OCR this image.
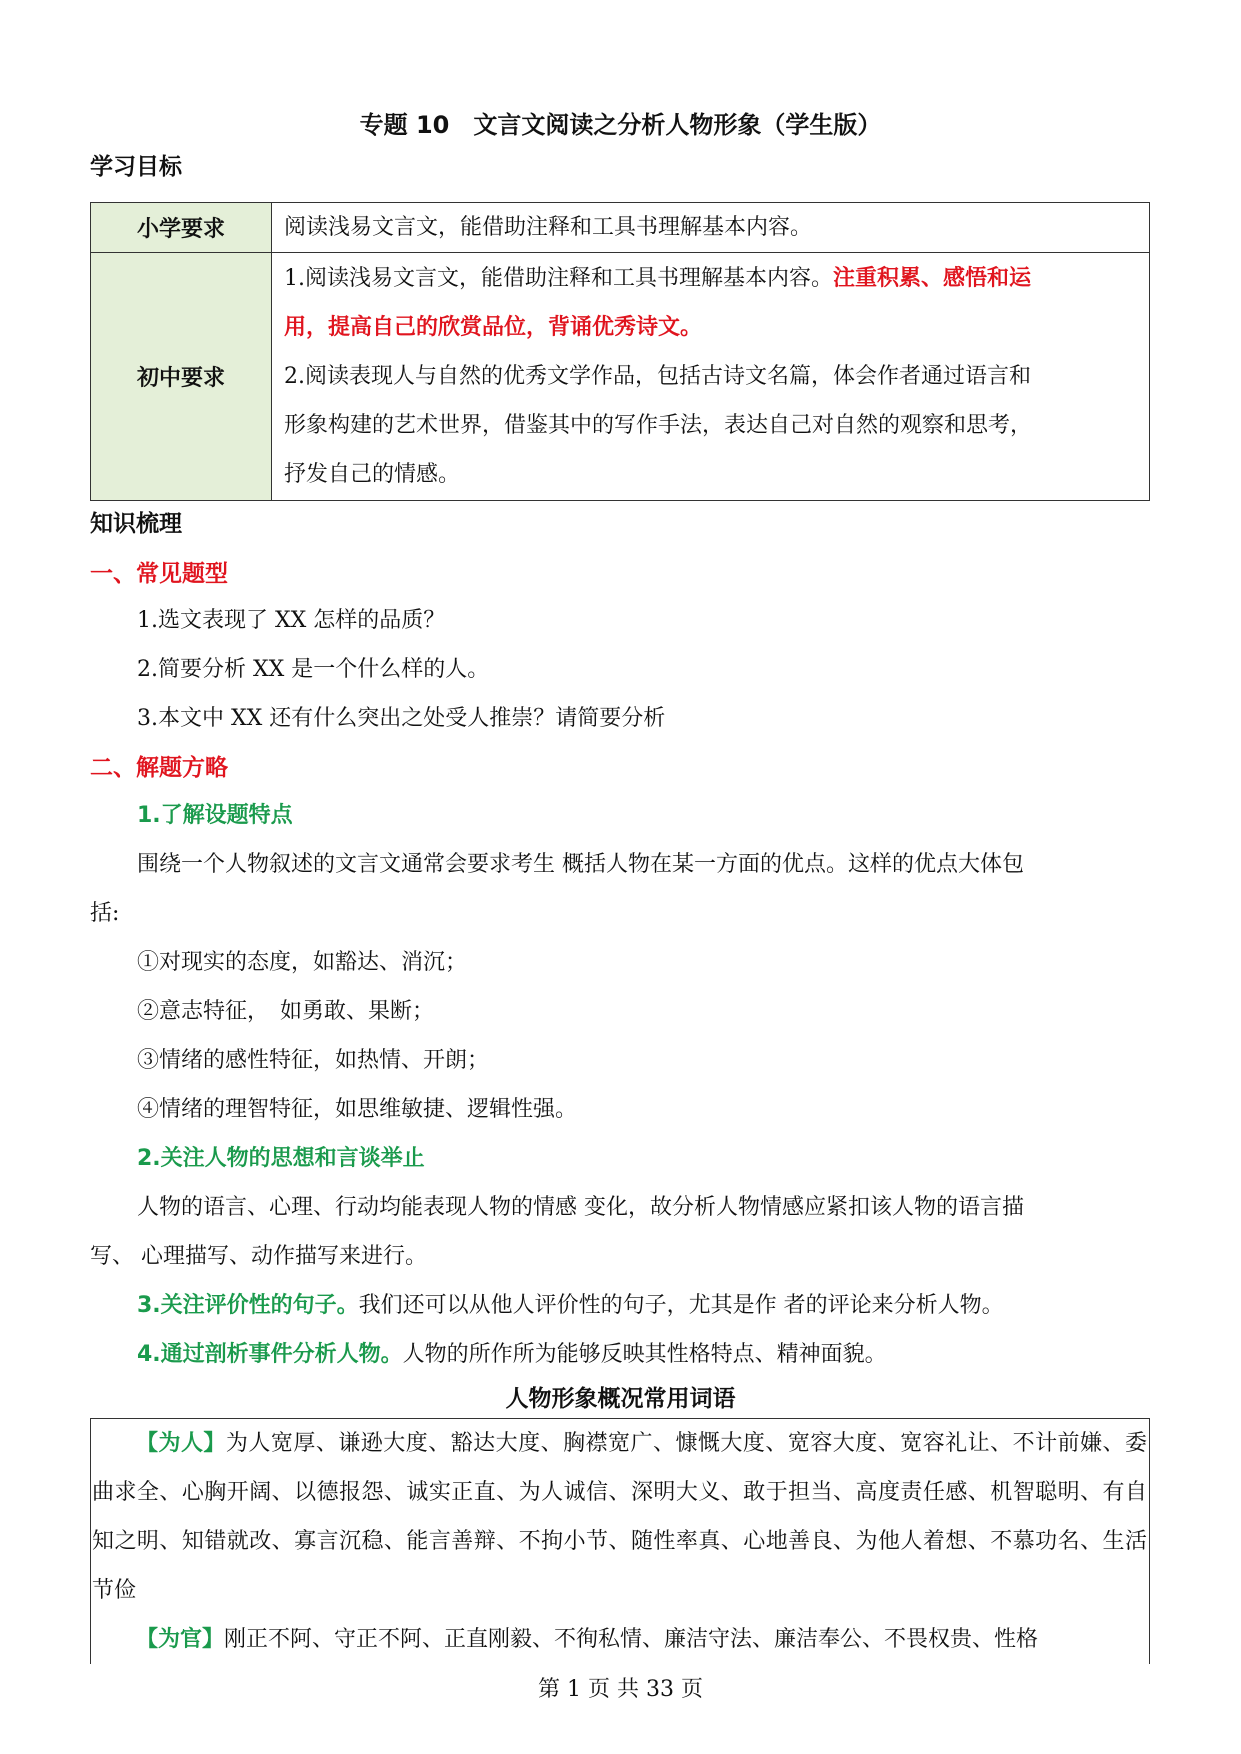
专题 10　文言文阅读之分析人物形象（学生版）
学习目标
小学要求	阅读浅易文言文，能借助注释和工具书理解基本内容。
初中要求	1.阅读浅易文言文，能借助注释和工具书理解基本内容。注重积累、感悟和运
用，提高自己的欣赏品位，背诵优秀诗文。
2.阅读表现人与自然的优秀文学作品，包括古诗文名篇，体会作者通过语言和
形象构建的艺术世界，借鉴其中的写作手法，表达自己对自然的观察和思考，
抒发自己的情感。
知识梳理
一、常见题型
1.选文表现了 XX 怎样的品质？
2.简要分析 XX 是一个什么样的人。
3.本文中 XX 还有什么突出之处受人推崇？请简要分析
二、解题方略
1.了解设题特点
围绕一个人物叙述的文言文通常会要求考生 概括人物在某一方面的优点。这样的优点大体包
括:
①对现实的态度，如豁达、消沉；
②意志特征，　如勇敢、果断；
③情绪的感性特征，如热情、开朗；
④情绪的理智特征，如思维敏捷、逻辑性强。
2.关注人物的思想和言谈举止
人物的语言、心理、行动均能表现人物的情感 变化，故分析人物情感应紧扣该人物的语言描
写、 心理描写、动作描写来进行。
3.关注评价性的句子。我们还可以从他人评价性的句子，尤其是作 者的评论来分析人物。
4.通过剖析事件分析人物。人物的所作所为能够反映其性格特点、精神面貌。
人物形象概况常用词语
【为人】为人宽厚、谦逊大度、豁达大度、胸襟宽广、慷慨大度、宽容大度、宽容礼让、不计前嫌、委曲求全、心胸开阔、以德报怨、诚实正直、为人诚信、深明大义、敢于担当、高度责任感、机智聪明、有自知之明、知错就改、寡言沉稳、能言善辩、不拘小节、随性率真、心地善良、为他人着想、不慕功名、生活节俭
【为官】刚正不阿、守正不阿、正直刚毅、不徇私情、廉洁守法、廉洁奉公、不畏权贵、性格
第 1 页 共 33 页
